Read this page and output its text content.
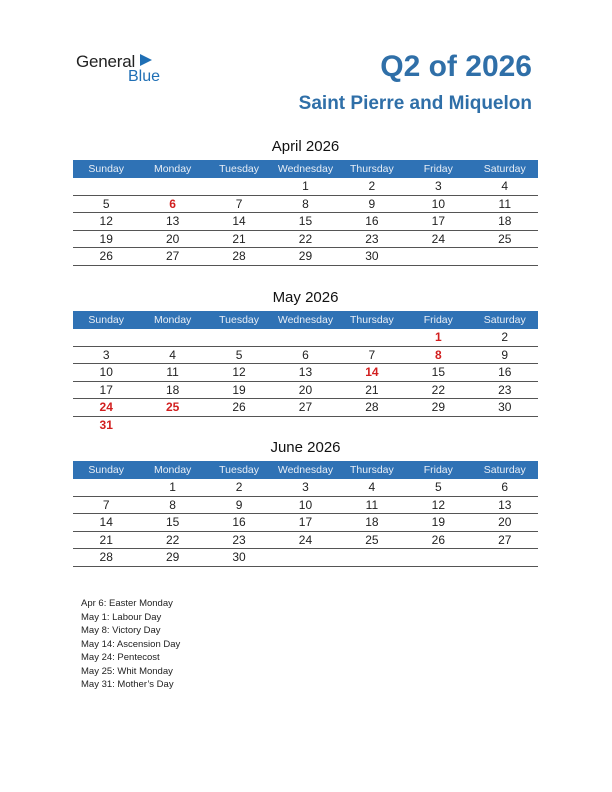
General
Blue	Q2 of 2026
Saint Pierre and Miquelon
April 2026
Sunday	Monday	Tuesday	Wednesday	Thursday	Friday	Saturday
			1	2	3	4
5	6	7	8	9	10	11
12	13	14	15	16	17	18
19	20	21	22	23	24	25
26	27	28	29	30		
May 2026
Sunday	Monday	Tuesday	Wednesday	Thursday	Friday	Saturday
					1	2
3	4	5	6	7	8	9
10	11	12	13	14	15	16
17	18	19	20	21	22	23
24	25	26	27	28	29	30
31						
June 2026
Sunday	Monday	Tuesday	Wednesday	Thursday	Friday	Saturday
	1	2	3	4	5	6
7	8	9	10	11	12	13
14	15	16	17	18	19	20
21	22	23	24	25	26	27
28	29	30				
Apr 6: Easter Monday
May 1: Labour Day
May 8: Victory Day
May 14: Ascension Day
May 24: Pentecost
May 25: Whit Monday
May 31: Mother’s Day
